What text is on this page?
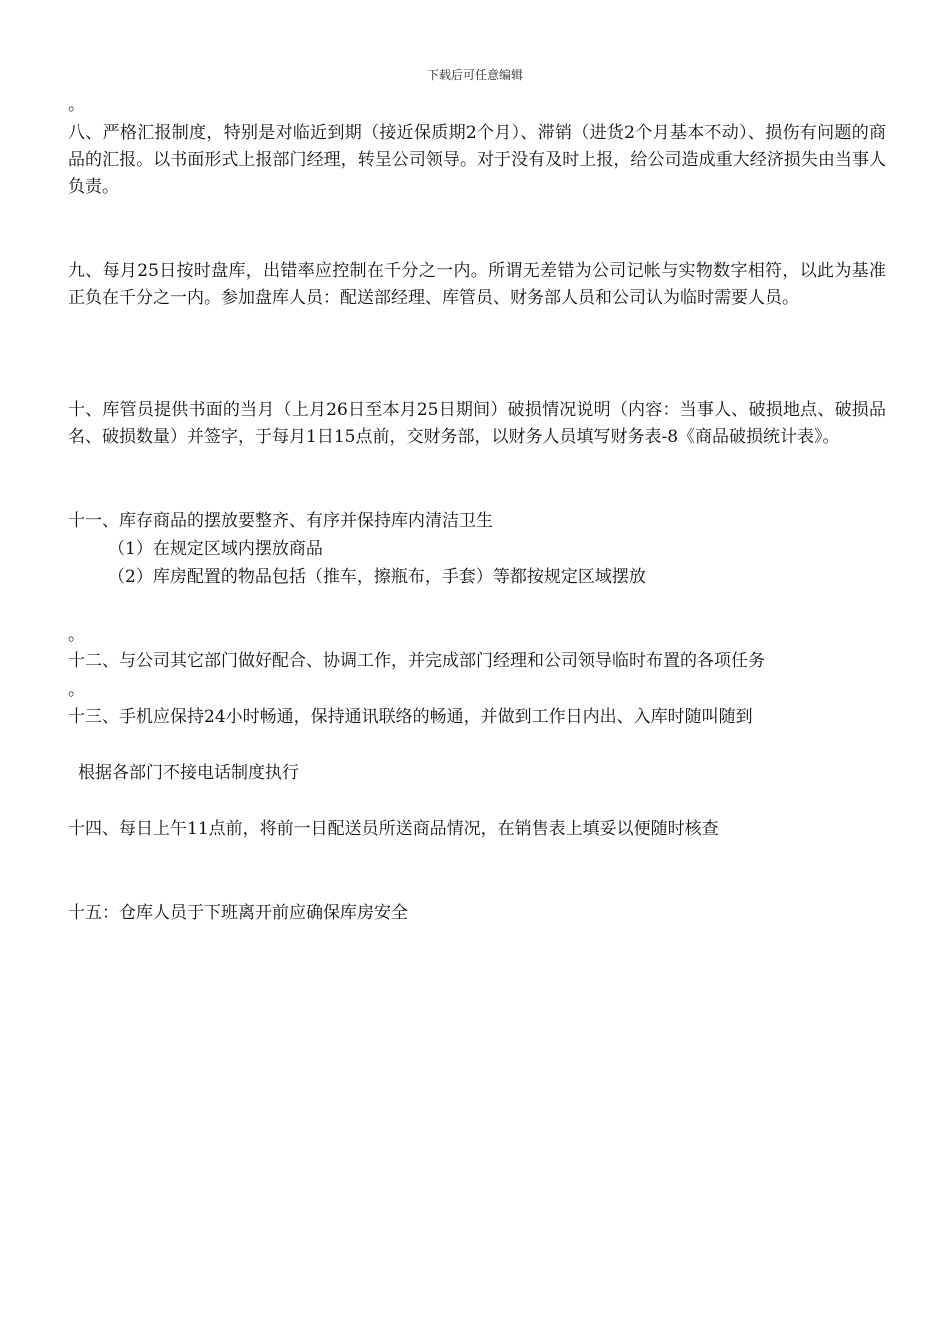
下载后可任意编辑
。
八、严格汇报制度，特别是对临近到期（接近保质期2个月）、滞销（进货2个月基本不动）、损伤有问题的商品的汇报。以书面形式上报部门经理，转呈公司领导。对于没有及时上报，给公司造成重大经济损失由当事人负责。
九、每月25日按时盘库，出错率应控制在千分之一内。所谓无差错为公司记帐与实物数字相符，以此为基准正负在千分之一内。参加盘库人员：配送部经理、库管员、财务部人员和公司认为临时需要人员。
十、库管员提供书面的当月（上月26日至本月25日期间）破损情况说明（内容：当事人、破损地点、破损品名、破损数量）并签字，于每月1日15点前，交财务部，以财务人员填写财务表-8《商品破损统计表》。
十一、库存商品的摆放要整齐、有序并保持库内清洁卫生
（1）在规定区域内摆放商品
（2）库房配置的物品包括（推车，擦瓶布，手套）等都按规定区域摆放
。
十二、与公司其它部门做好配合、协调工作，并完成部门经理和公司领导临时布置的各项任务
。
十三、手机应保持24小时畅通，保持通讯联络的畅通，并做到工作日内出、入库时随叫随到
根据各部门不接电话制度执行
十四、每日上午11点前，将前一日配送员所送商品情况，在销售表上填妥以便随时核查
十五：仓库人员于下班离开前应确保库房安全
